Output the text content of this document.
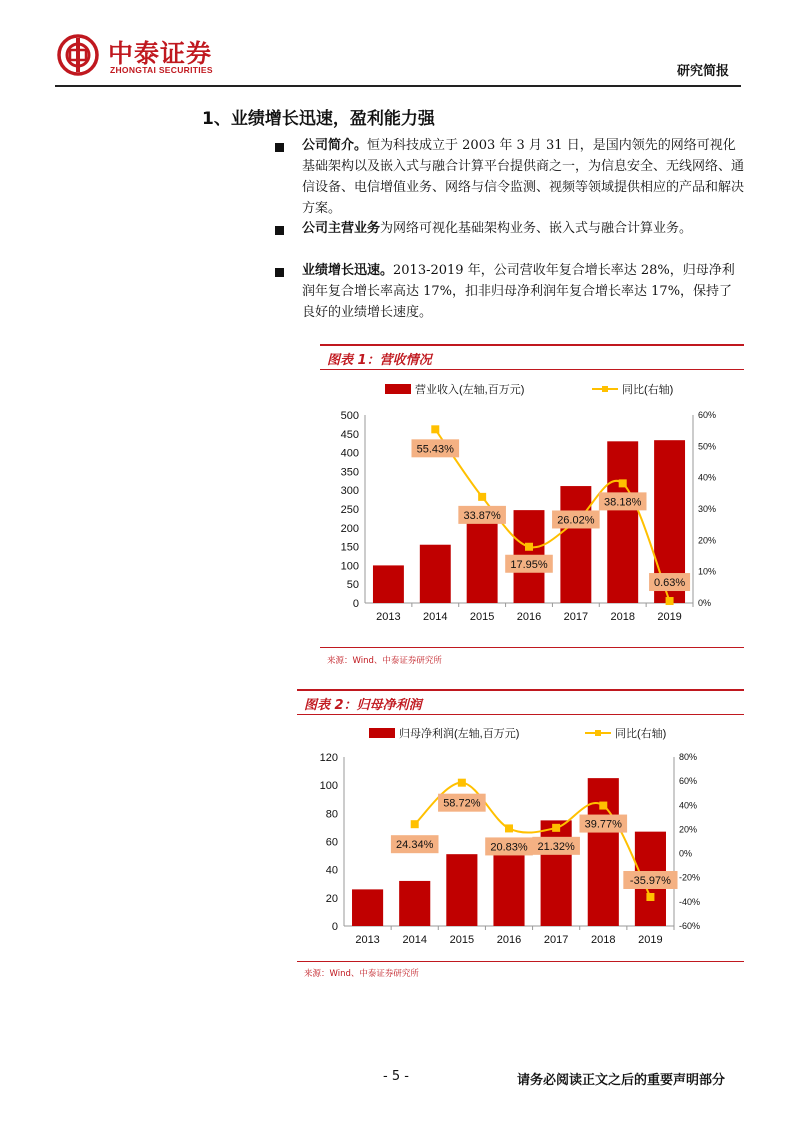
中泰证券
ZHONGTAI SECURITIES	研究简报
1、业绩增长迅速，盈利能力强
公司简介。恒为科技成立于 2003 年 3 月 31 日，是国内领先的网络可视化基础架构以及嵌入式与融合计算平台提供商之一，为信息安全、无线网络、通信设备、电信增值业务、网络与信令监测、视频等领域提供相应的产品和解决方案。
公司主营业务为网络可视化基础架构业务、嵌入式与融合计算业务。
业绩增长迅速。2013-2019 年，公司营收年复合增长率达 28%，归母净利润年复合增长率高达 17%，扣非归母净利润年复合增长率达 17%，保持了良好的业绩增长速度。
图表 1：营收情况
营业收入(左轴,百万元)	同比(右轴)
0
50
100
150
200
250
300
350
400
450
500
0%
10%
20%
30%
40%
50%
60%
2013 2014 2015 2016 2017 2018 2019
55.43%
33.87%
17.95%
26.02%
38.18%
0.63%
来源：Wind、中泰证券研究所
图表 2：归母净利润
归母净利润(左轴,百万元)	同比(右轴)
0
20
40
60
80
100
120
-60%
-40%
-20%
0%
20%
40%
60%
80%
2013 2014 2015 2016 2017 2018 2019
24.34%
58.72%
20.83% 21.32%
39.77%
-35.97%
来源：Wind、中泰证券研究所
- 5 -	请务必阅读正文之后的重要声明部分
